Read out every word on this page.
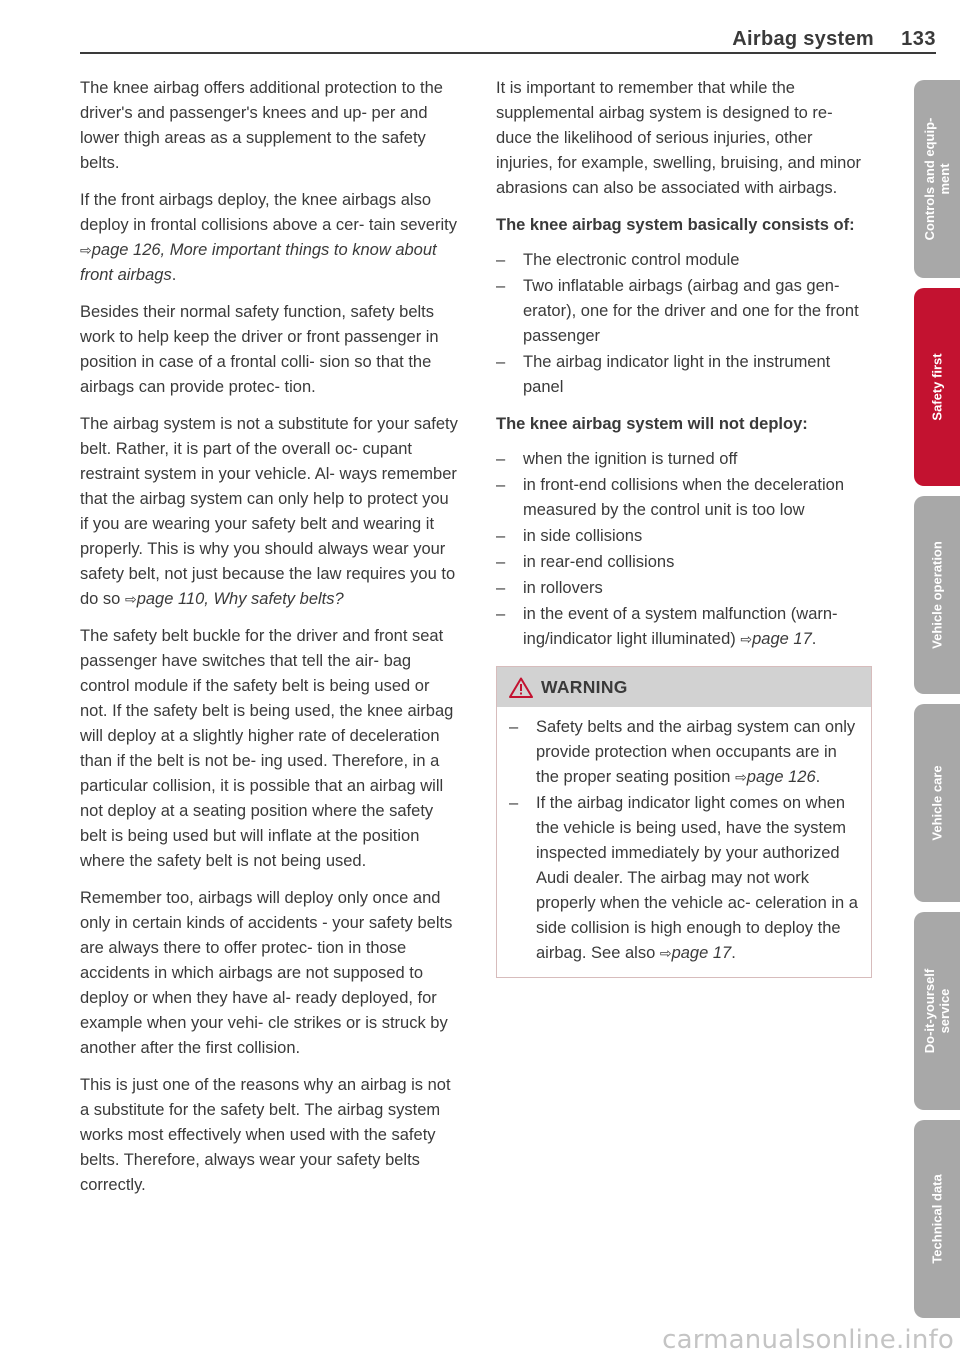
Airbag system 133

The knee airbag offers additional protection to the driver's and passenger's knees and up- per and lower thigh areas as a supplement to the safety belts.

If the front airbags deploy, the knee airbags also deploy in frontal collisions above a cer- tain severity ⇨page 126, More important things to know about front airbags.

Besides their normal safety function, safety belts work to help keep the driver or front passenger in position in case of a frontal colli- sion so that the airbags can provide protec- tion.

The airbag system is not a substitute for your safety belt. Rather, it is part of the overall oc- cupant restraint system in your vehicle. Al- ways remember that the airbag system can only help to protect you if you are wearing your safety belt and wearing it properly. This is why you should always wear your safety belt, not just because the law requires you to do so ⇨page 110, Why safety belts?

The safety belt buckle for the driver and front seat passenger have switches that tell the air- bag control module if the safety belt is being used or not. If the safety belt is being used, the knee airbag will deploy at a slightly higher rate of deceleration than if the belt is not be- ing used. Therefore, in a particular collision, it is possible that an airbag will not deploy at a seating position where the safety belt is being used but will inflate at the position where the safety belt is not being used.

Remember too, airbags will deploy only once and only in certain kinds of accidents - your safety belts are always there to offer protec- tion in those accidents in which airbags are not supposed to deploy or when they have al- ready deployed, for example when your vehi- cle strikes or is struck by another after the first collision.

This is just one of the reasons why an airbag is not a substitute for the safety belt. The airbag system works most effectively when used with the safety belts. Therefore, always wear your safety belts correctly.

It is important to remember that while the supplemental airbag system is designed to re- duce the likelihood of serious injuries, other injuries, for example, swelling, bruising, and minor abrasions can also be associated with airbags.

The knee airbag system basically consists of:
– The electronic control module
– Two inflatable airbags (airbag and gas gen- erator), one for the driver and one for the front passenger
– The airbag indicator light in the instrument panel
The knee airbag system will not deploy:
– when the ignition is turned off
– in front-end collisions when the deceleration measured by the control unit is too low
– in side collisions
– in rear-end collisions
– in rollovers
– in the event of a system malfunction (warn- ing/indicator light illuminated) ⇨page 17.
WARNING
– Safety belts and the airbag system can only provide protection when occupants are in the proper seating position ⇨page 126.
– If the airbag indicator light comes on when the vehicle is being used, have the system inspected immediately by your authorized Audi dealer. The airbag may not work properly when the vehicle ac- celeration in a side collision is high enough to deploy the airbag. See also ⇨page 17.
Controls and equip-
ment
Safety first
Vehicle operation
Vehicle care
Do-it-yourself
service
Technical data
carmanualsonline.info
